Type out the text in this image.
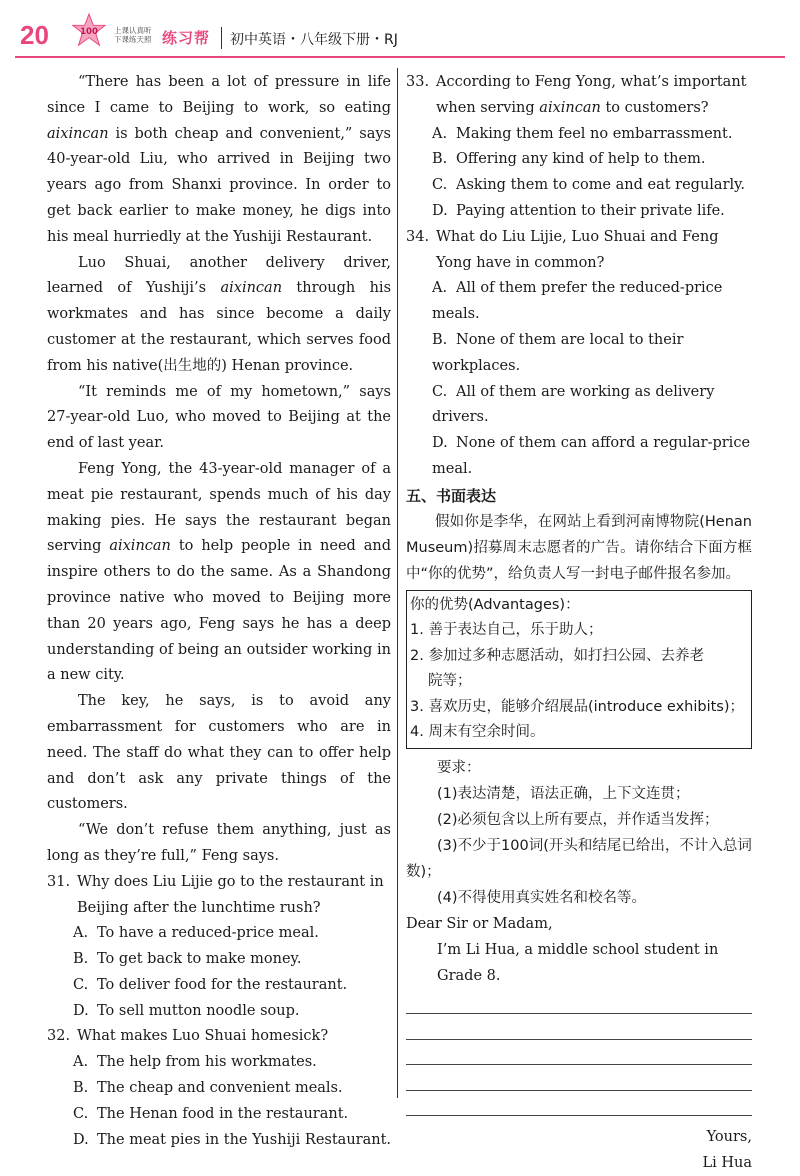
20	100 上课认真听
下课练天照 练习帮 初中英语・八年级下册・RJ

“There has been a lot of pressure in life since I came to Beijing to work, so eating aixincan is both cheap and convenient,” says 40-year-old Liu, who arrived in Beijing two years ago from Shanxi province. In order to get back earlier to make money, he digs into his meal hurriedly at the Yushiji Restaurant.

Luo Shuai, another delivery driver, learned of Yushiji’s aixincan through his workmates and has since become a daily customer at the restaurant, which serves food from his native(出生地的) Henan province.

“It reminds me of my hometown,” says 27-year-old Luo, who moved to Beijing at the end of last year.

Feng Yong, the 43-year-old manager of a meat pie restaurant, spends much of his day making pies. He says the restaurant began serving aixincan to help people in need and inspire others to do the same. As a Shandong province native who moved to Beijing more than 20 years ago, Feng says he has a deep understanding of being an outsider working in a new city.

The key, he says, is to avoid any embarrassment for customers who are in need. The staff do what they can to offer help and don’t ask any private things of the customers.

“We don’t refuse them anything, just as long as they’re full,” Feng says.

31. Why does Liu Lijie go to the restaurant in Beijing after the lunchtime rush?
A. To have a reduced-price meal.
B. To get back to make money.
C. To deliver food for the restaurant.
D. To sell mutton noodle soup.
32. What makes Luo Shuai homesick?
A. The help from his workmates.
B. The cheap and convenient meals.
C. The Henan food in the restaurant.
D. The meat pies in the Yushiji Restaurant.
33. According to Feng Yong, what’s important when serving aixincan to customers?
A. Making them feel no embarrassment.
B. Offering any kind of help to them.
C. Asking them to come and eat regularly.
D. Paying attention to their private life.
34. What do Liu Lijie, Luo Shuai and Feng Yong have in common?
A. All of them prefer the reduced-price meals.
B. None of them are local to their workplaces.
C. All of them are working as delivery drivers.
D. None of them can afford a regular-price meal.
五、书面表达
假如你是李华，在网站上看到河南博物院(Henan Museum)招募周末志愿者的广告。请你结合下面方框中“你的优势”，给负责人写一封电子邮件报名参加。
你的优势(Advantages)：
1. 善于表达自己，乐于助人；
2. 参加过多种志愿活动，如打扫公园、去养老
院等；
3. 喜欢历史，能够介绍展品(introduce exhibits)；
4. 周末有空余时间。
要求：
(1)表达清楚，语法正确，上下文连贯；
(2)必须包含以上所有要点，并作适当发挥；
(3)不少于100词(开头和结尾已给出，不计入总词数)；
(4)不得使用真实姓名和校名等。
Dear Sir or Madam,
I’m Li Hua, a middle school student in Grade 8.
Yours,
Li Hua
